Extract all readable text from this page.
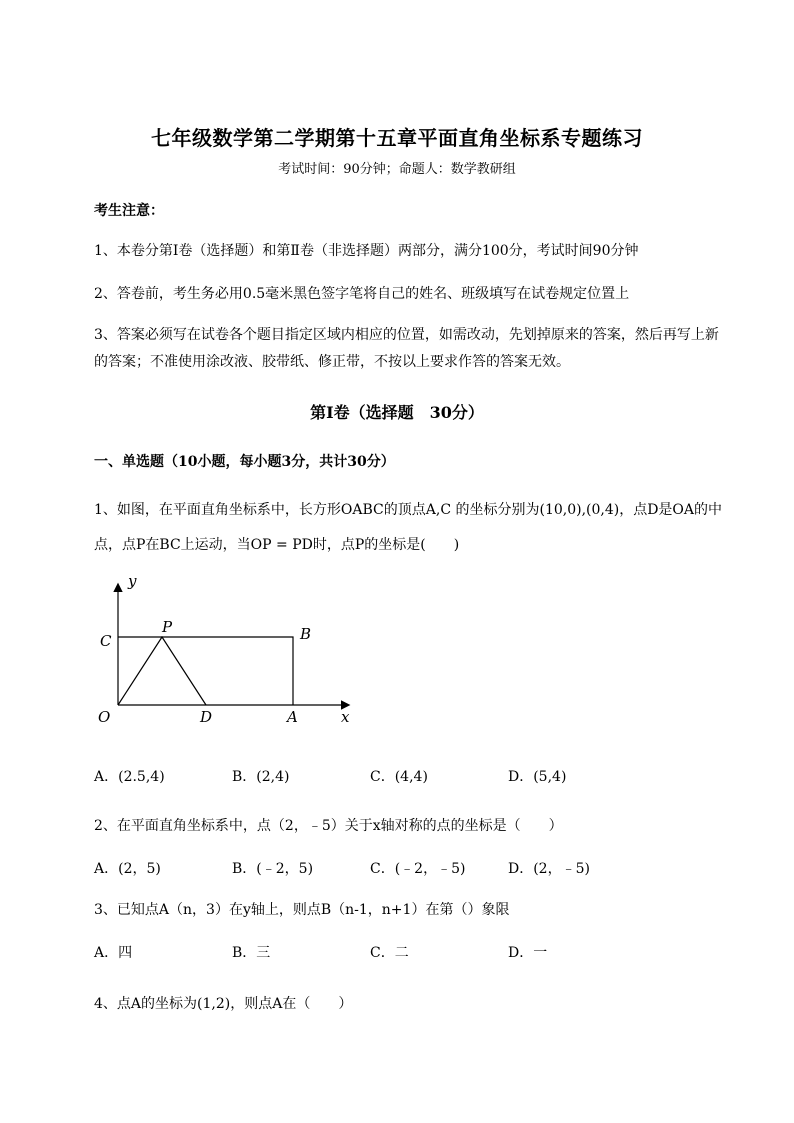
七年级数学第二学期第十五章平面直角坐标系专题练习
考试时间：90分钟；命题人：数学教研组
考生注意：
1、本卷分第Ⅰ卷（选择题）和第Ⅱ卷（非选择题）两部分，满分100分，考试时间90分钟
2、答卷前，考生务必用0.5毫米黑色签字笔将自己的姓名、班级填写在试卷规定位置上
3、答案必须写在试卷各个题目指定区域内相应的位置，如需改动，先划掉原来的答案，然后再写上新
的答案；不准使用涂改液、胶带纸、修正带，不按以上要求作答的答案无效。
第Ⅰ卷（选择题　30分）
一、单选题（10小题，每小题3分，共计30分）
1、如图，在平面直角坐标系中，长方形OABC的顶点A,C 的坐标分别为(10,0),(0,4)，点D是OA的中
点，点P在BC上运动，当OP = PD时，点P的坐标是(　　)
y
C
P	B
O	D	A	x
A．(2.5,4)	B．(2,4)	C．(4,4)	D．(5,4)
2、在平面直角坐标系中，点（2，﹣5）关于x轴对称的点的坐标是（　　）
A．(2，5)	B．(﹣2，5)	C．(﹣2，﹣5)	D．(2，﹣5)
3、已知点A（n，3）在y轴上，则点B（n-1，n+1）在第（）象限
A．四	B．三	C．二	D．一
4、点A的坐标为(1,2)，则点A在（　　）
